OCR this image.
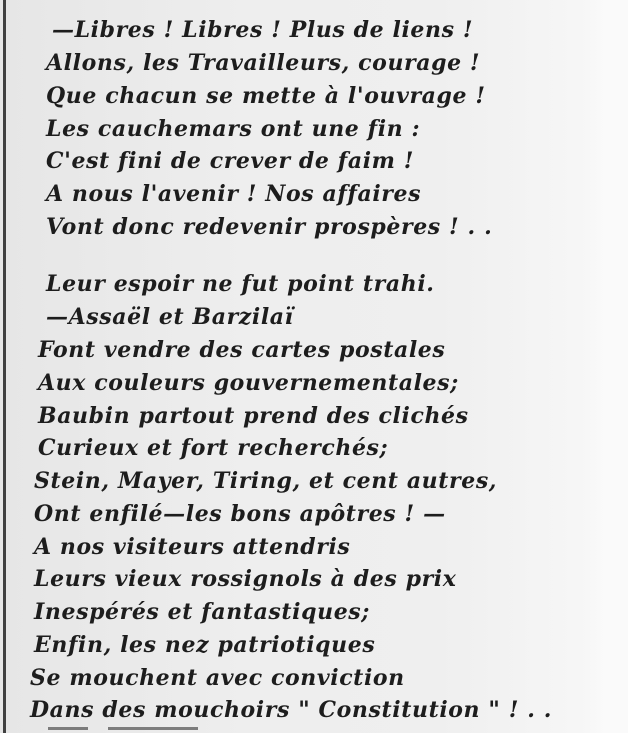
—Libres ! Libres ! Plus de liens !
Allons, les Travailleurs, courage !
Que chacun se mette à l'ouvrage !
Les cauchemars ont une fin :
C'est fini de crever de faim !
A nous l'avenir ! Nos affaires
Vont donc redevenir prospères ! . .
Leur espoir ne fut point trahi.
—Assaël et Barzilaï
Font vendre des cartes postales
Aux couleurs gouvernementales;
Baubin partout prend des clichés
Curieux et fort recherchés;
Stein, Mayer, Tiring, et cent autres,
Ont enfilé—les bons apôtres ! —
A nos visiteurs attendris
Leurs vieux rossignols à des prix
Inespérés et fantastiques;
Enfin, les nez patriotiques
Se mouchent avec conviction
Dans des mouchoirs " Constitution " ! . .
